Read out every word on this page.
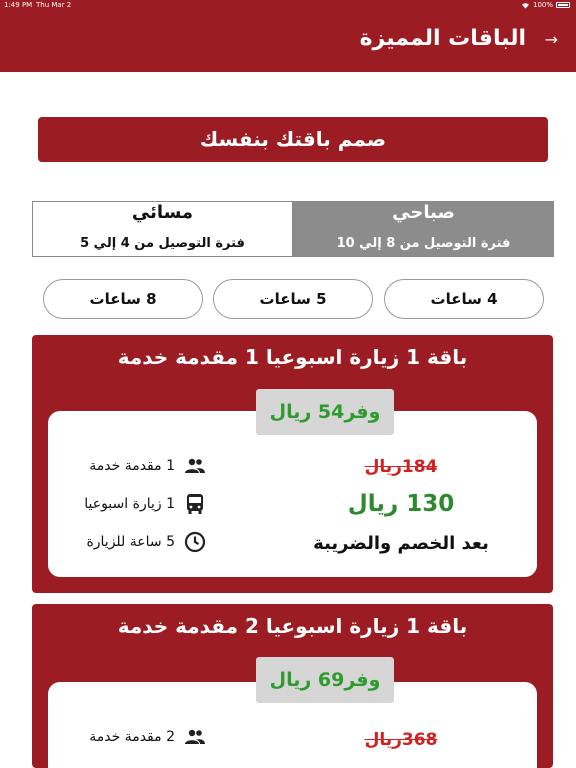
1:49 PM Thu Mar 2	100%
→
الباقات المميزة
صمم باقتك بنفسك
مسائي
فترة التوصيل من 4 إلي 5
صباحي
فترة التوصيل من 8 إلي 10
8 ساعات	5 ساعات	4 ساعات
باقة 1 زيارة اسبوعيا 1 مقدمة خدمة
1 مقدمة خدمة
1 زيارة اسبوعيا
5 ساعة للزيارة
184ريال
130 ريال
بعد الخصم والضريبة
وفر54 ريال
باقة 1 زيارة اسبوعيا 2 مقدمة خدمة
2 مقدمة خدمة	368ريال
وفر69 ريال
